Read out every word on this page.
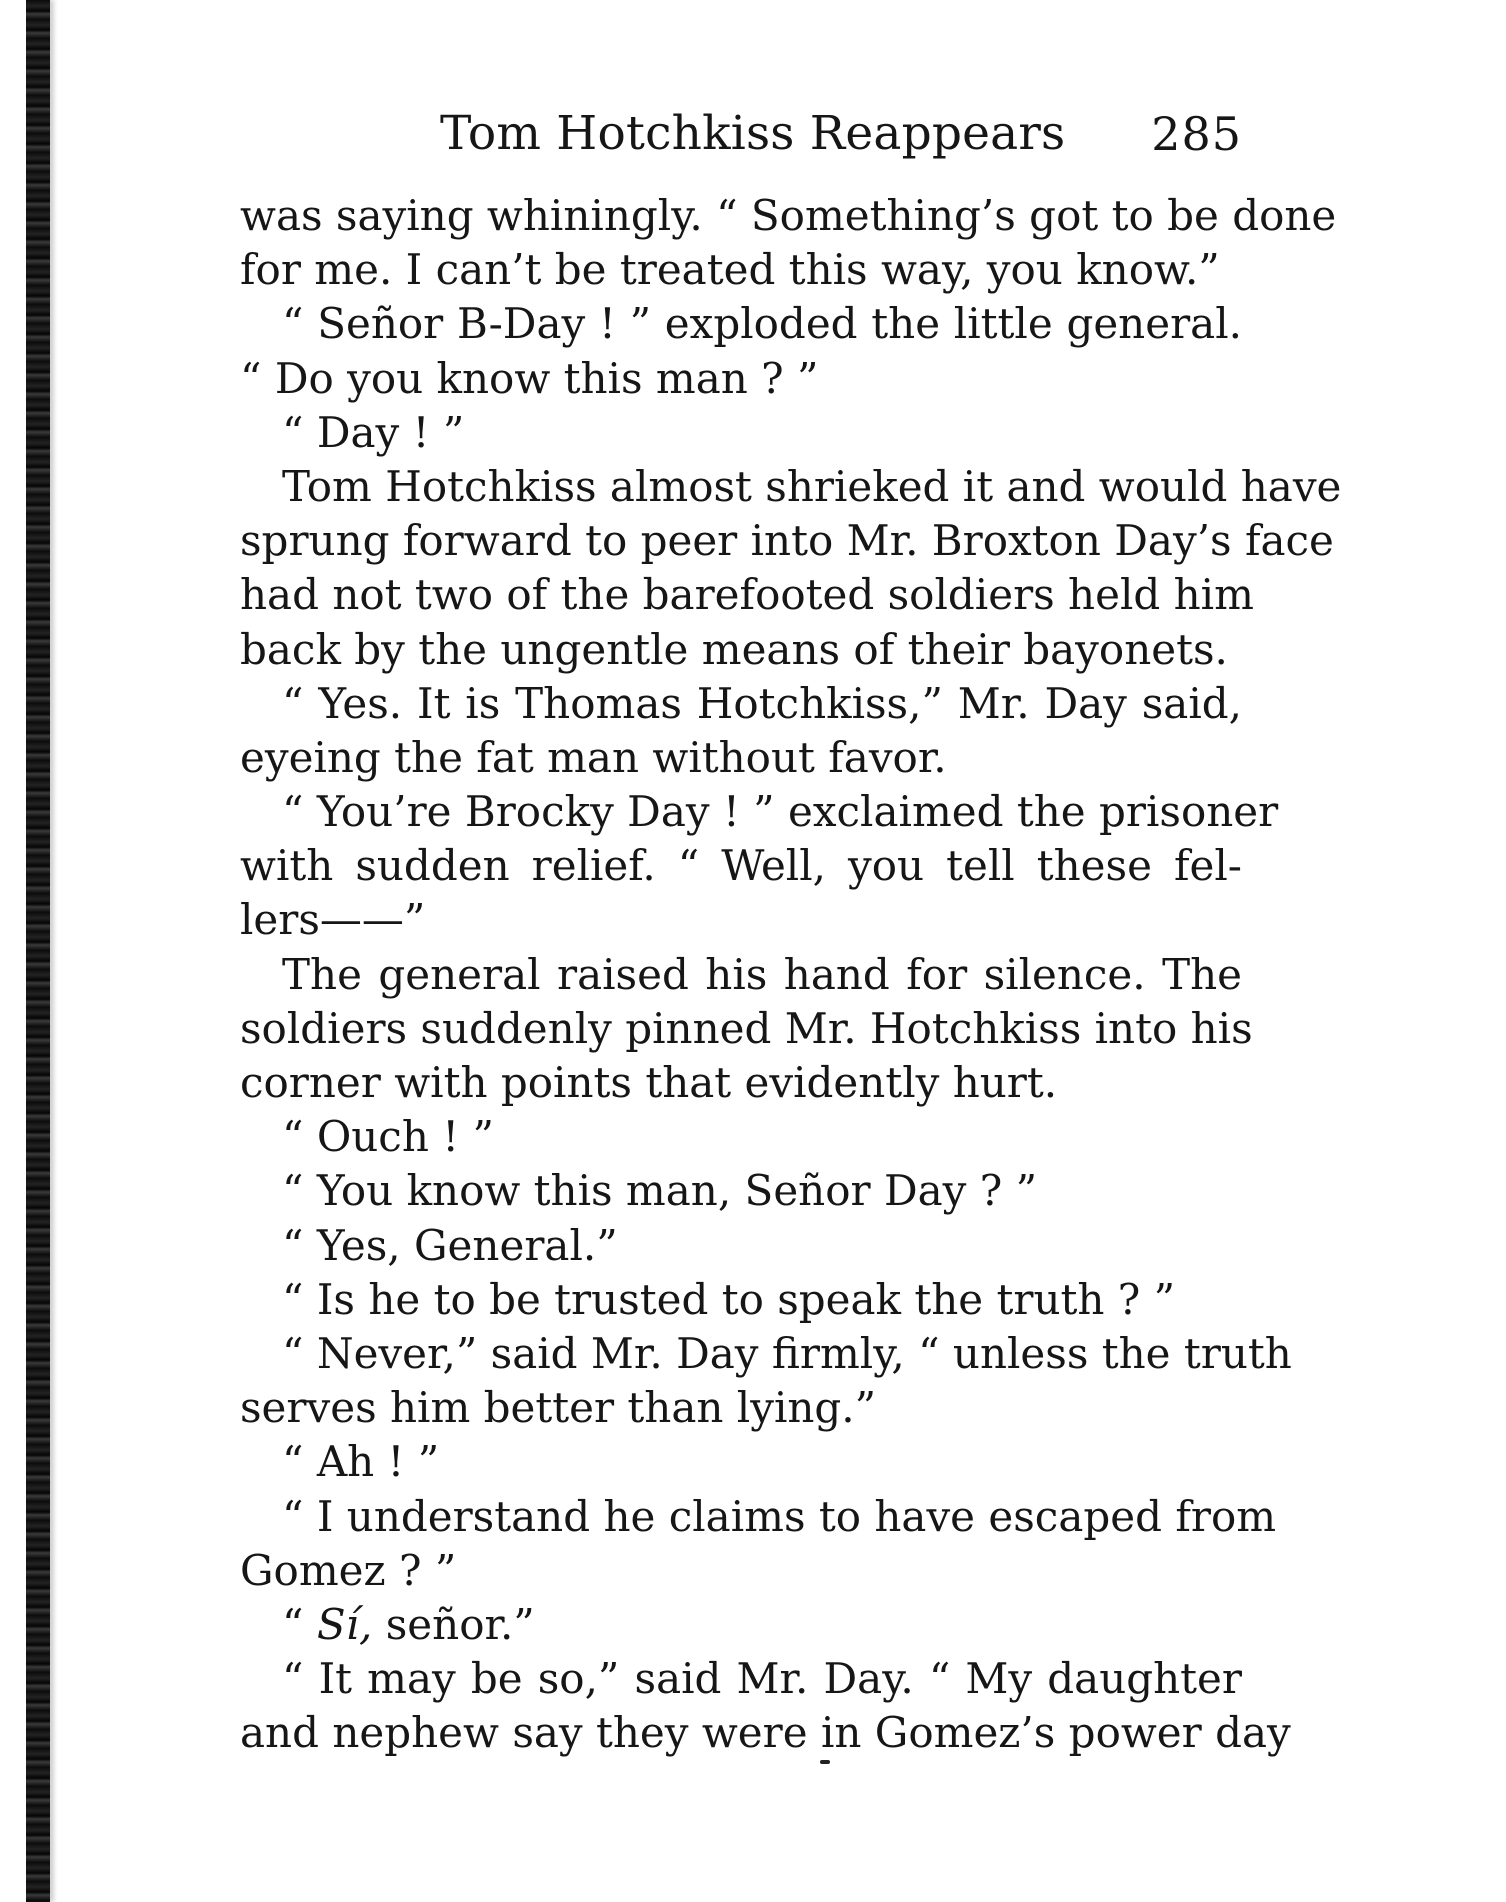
Tom Hotchkiss Reappears 285
was saying whiningly. “ Something’s got to be done
for me. I can’t be treated this way, you know.”
“ Señor B-Day ! ” exploded the little general.
“ Do you know this man ? ”
“ Day ! ”
Tom Hotchkiss almost shrieked it and would have
sprung forward to peer into Mr. Broxton Day’s face
had not two of the barefooted soldiers held him
back by the ungentle means of their bayonets.
“ Yes. It is Thomas Hotchkiss,” Mr. Day said,
eyeing the fat man without favor.
“ You’re Brocky Day ! ” exclaimed the prisoner
with sudden relief. “ Well, you tell these fel-
lers——”
The general raised his hand for silence. The
soldiers suddenly pinned Mr. Hotchkiss into his
corner with points that evidently hurt.
“ Ouch ! ”
“ You know this man, Señor Day ? ”
“ Yes, General.”
“ Is he to be trusted to speak the truth ? ”
“ Never,” said Mr. Day firmly, “ unless the truth
serves him better than lying.”
“ Ah ! ”
“ I understand he claims to have escaped from
Gomez ? ”
“ Sí, señor.”
“ It may be so,” said Mr. Day. “ My daughter
and nephew say they were in Gomez’s power day
